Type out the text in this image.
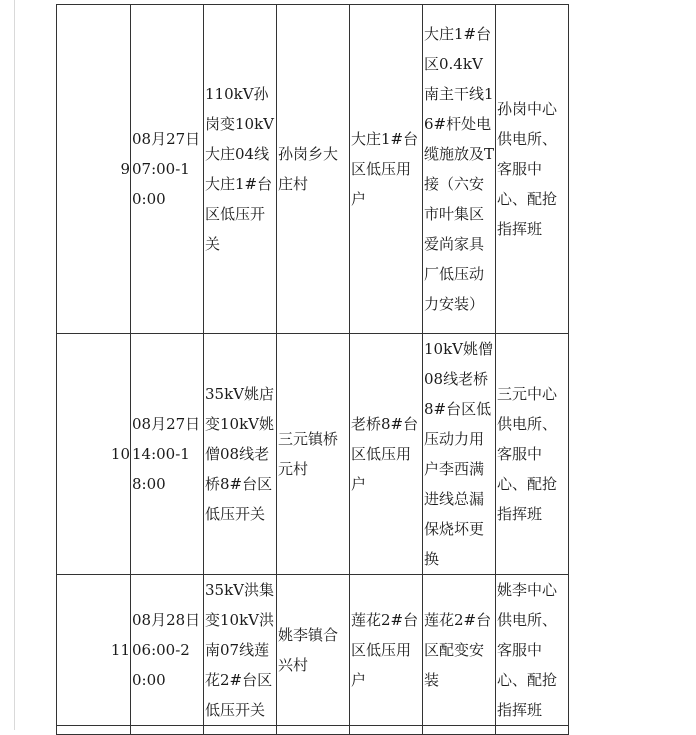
9	08月27日07:00-10:00	110kV孙岗变10kV大庄04线大庄1#台区低压开关	孙岗乡大庄村	大庄1#台区低压用户	大庄1#台区0.4kV南主干线16#杆处电缆施放及T接（六安市叶集区爱尚家具厂低压动力安装）	孙岗中心供电所、客服中心、配抢指挥班
10	08月27日14:00-18:00	35kV姚店变10kV姚僧08线老桥8#台区低压开关	三元镇桥元村	老桥8#台区低压用户	10kV姚僧08线老桥8#台区低压动力用户李西满进线总漏保烧坏更换	三元中心供电所、客服中心、配抢指挥班
11	08月28日06:00-20:00	35kV洪集变10kV洪南07线莲花2#台区低压开关	姚李镇合兴村	莲花2#台区低压用户	莲花2#台区配变安装	姚李中心供电所、客服中心、配抢指挥班
